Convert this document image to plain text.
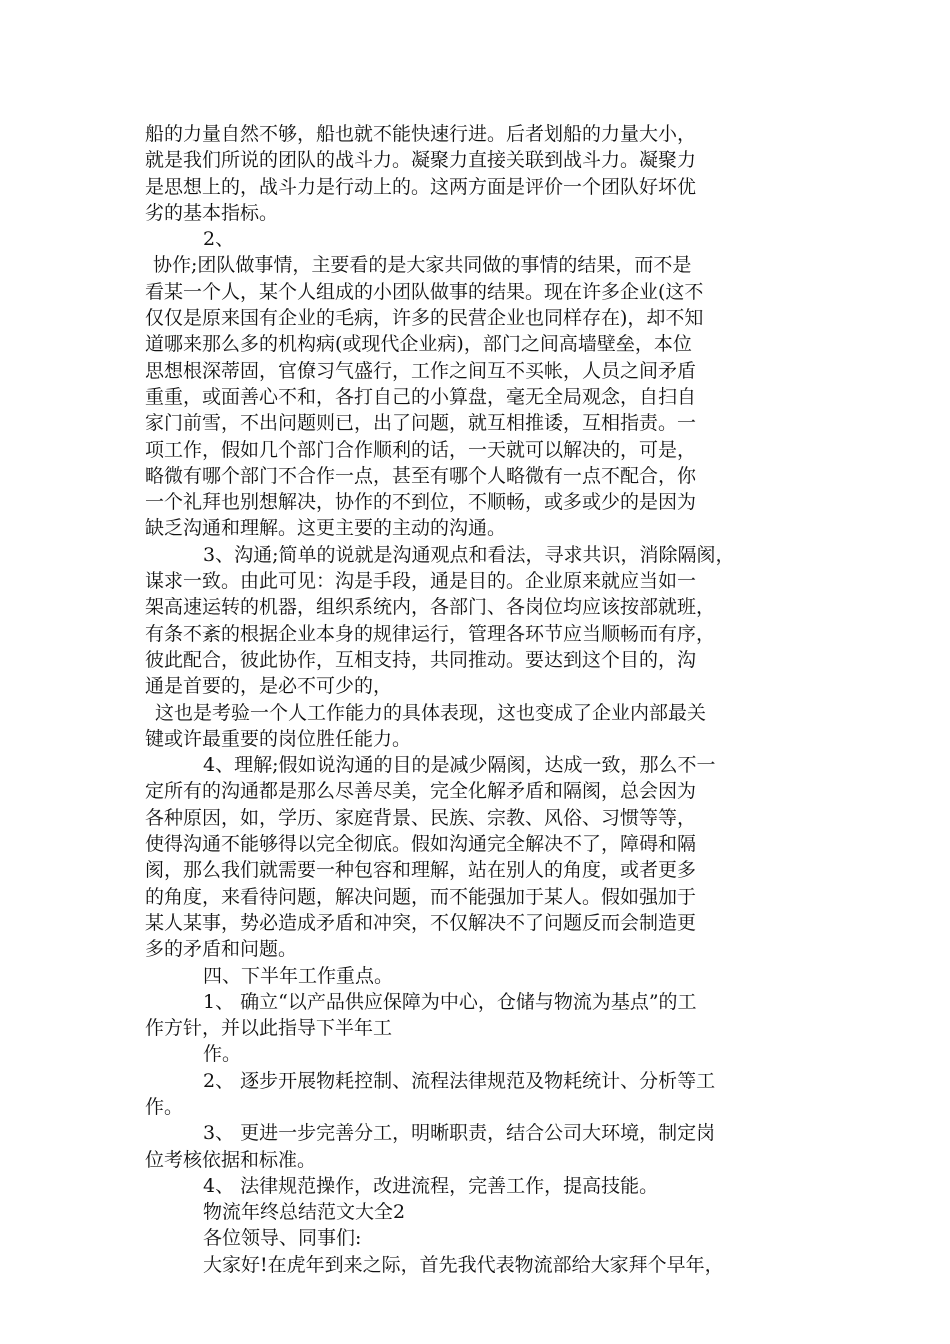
船的力量自然不够，船也就不能快速行进。后者划船的力量大小，
就是我们所说的团队的战斗力。凝聚力直接关联到战斗力。凝聚力
是思想上的，战斗力是行动上的。这两方面是评价一个团队好坏优
劣的基本指标。
2、
协作;团队做事情，主要看的是大家共同做的事情的结果，而不是
看某一个人，某个人组成的小团队做事的结果。现在许多企业(这不
仅仅是原来国有企业的毛病，许多的民营企业也同样存在)，却不知
道哪来那么多的机构病(或现代企业病)，部门之间高墙壁垒，本位
思想根深蒂固，官僚习气盛行，工作之间互不买帐，人员之间矛盾
重重，或面善心不和，各打自己的小算盘，毫无全局观念，自扫自
家门前雪，不出问题则已，出了问题，就互相推诿，互相指责。一
项工作，假如几个部门合作顺利的话，一天就可以解决的，可是，
略微有哪个部门不合作一点，甚至有哪个人略微有一点不配合，你
一个礼拜也别想解决，协作的不到位，不顺畅，或多或少的是因为
缺乏沟通和理解。这更主要的主动的沟通。
3、沟通;简单的说就是沟通观点和看法，寻求共识，消除隔阂，
谋求一致。由此可见：沟是手段，通是目的。企业原来就应当如一
架高速运转的机器，组织系统内，各部门、各岗位均应该按部就班，
有条不紊的根据企业本身的规律运行，管理各环节应当顺畅而有序，
彼此配合，彼此协作，互相支持，共同推动。要达到这个目的，沟
通是首要的，是必不可少的，
这也是考验一个人工作能力的具体表现，这也变成了企业内部最关
键或许最重要的岗位胜任能力。
4、理解;假如说沟通的目的是减少隔阂，达成一致，那么不一
定所有的沟通都是那么尽善尽美，完全化解矛盾和隔阂，总会因为
各种原因，如，学历、家庭背景、民族、宗教、风俗、习惯等等，
使得沟通不能够得以完全彻底。假如沟通完全解决不了，障碍和隔
阂，那么我们就需要一种包容和理解，站在别人的角度，或者更多
的角度，来看待问题，解决问题，而不能强加于某人。假如强加于
某人某事，势必造成矛盾和冲突，不仅解决不了问题反而会制造更
多的矛盾和问题。
四、下半年工作重点。
1、 确立“以产品供应保障为中心，仓储与物流为基点”的工
作方针，并以此指导下半年工
作。
2、 逐步开展物耗控制、流程法律规范及物耗统计、分析等工
作。
3、 更进一步完善分工，明晰职责，结合公司大环境，制定岗
位考核依据和标准。
4、 法律规范操作，改进流程，完善工作，提高技能。
物流年终总结范文大全2
各位领导、同事们:
大家好!在虎年到来之际，首先我代表物流部给大家拜个早年，
